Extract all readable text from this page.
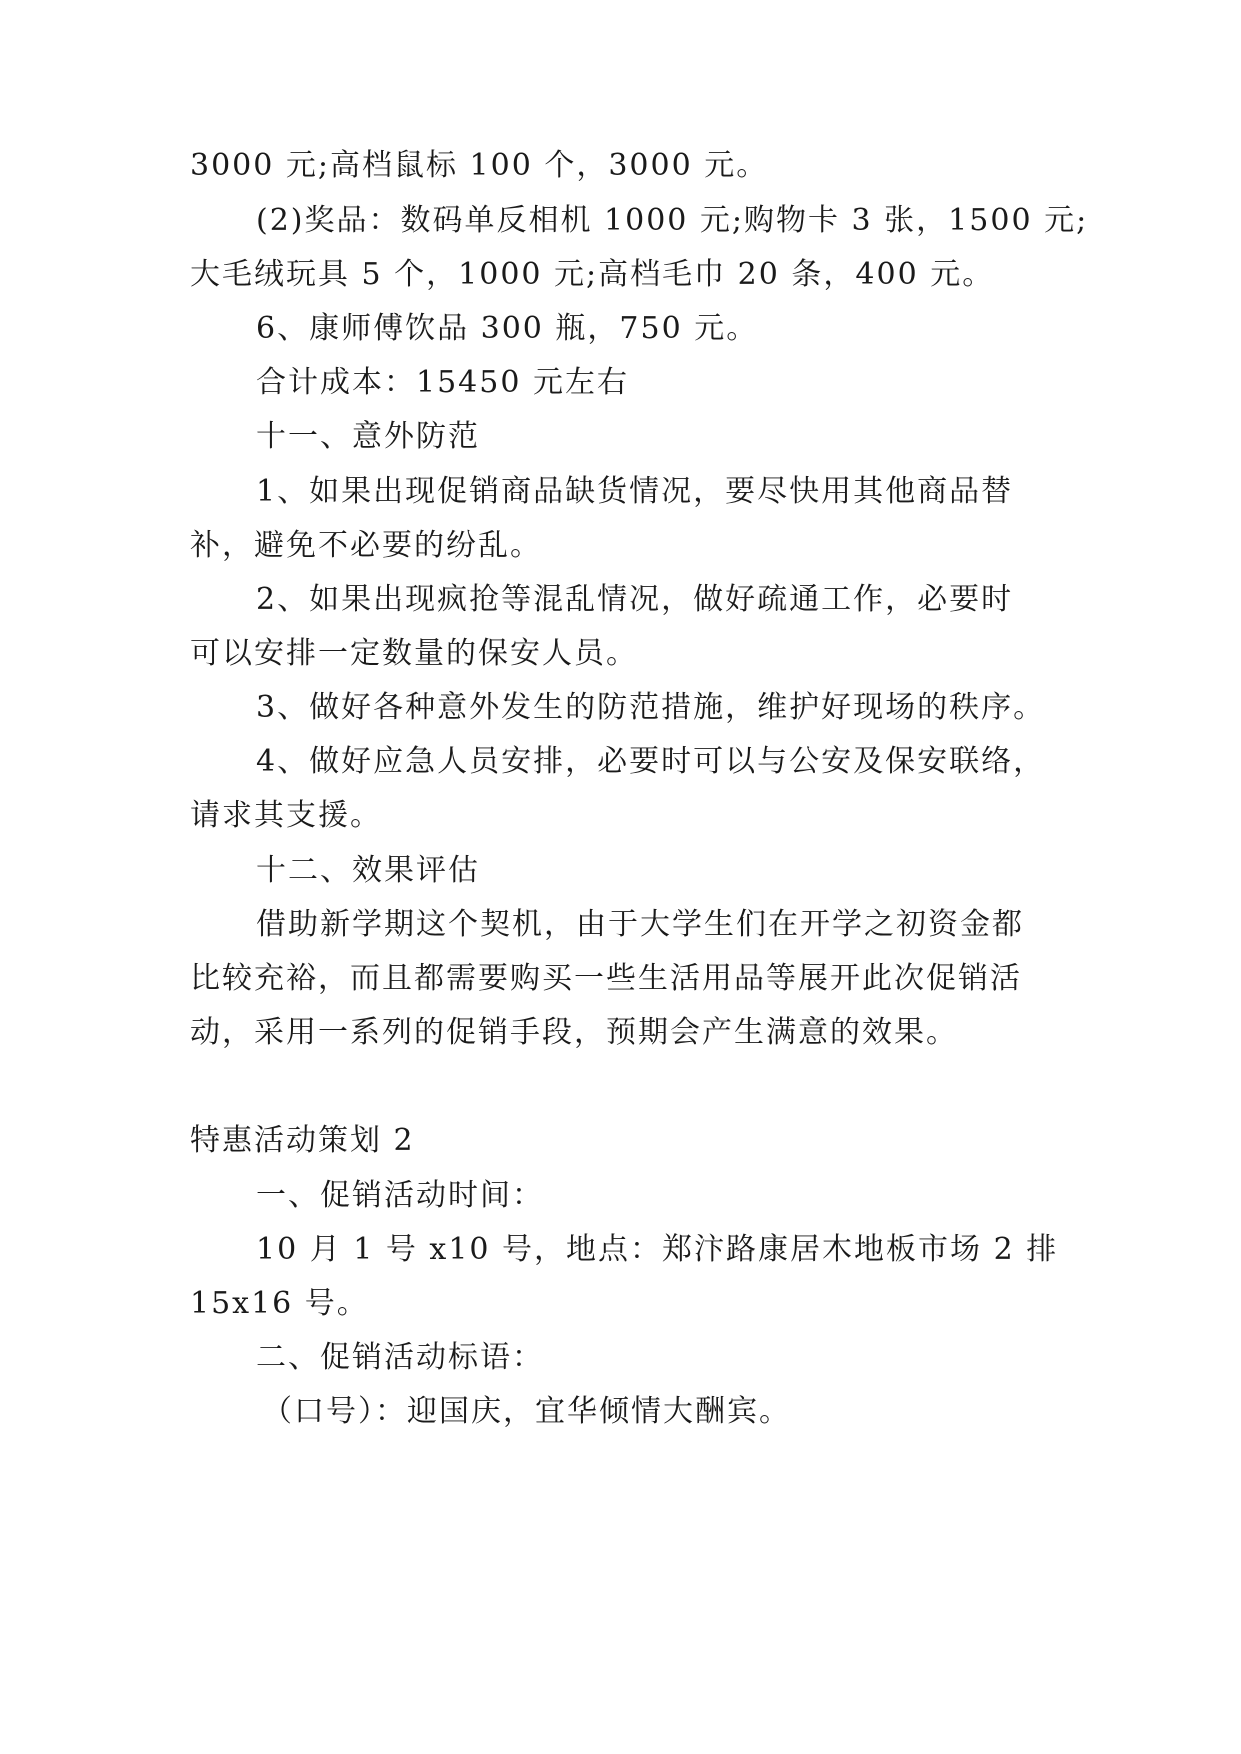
3000 元;高档鼠标 100 个，3000 元。
(2)奖品：数码单反相机 1000 元;购物卡 3 张，1500 元;
大毛绒玩具 5 个，1000 元;高档毛巾 20 条，400 元。
6、康师傅饮品 300 瓶，750 元。
合计成本：15450 元左右
十一、意外防范
1、如果出现促销商品缺货情况，要尽快用其他商品替
补，避免不必要的纷乱。
2、如果出现疯抢等混乱情况，做好疏通工作，必要时
可以安排一定数量的保安人员。
3、做好各种意外发生的防范措施，维护好现场的秩序。
4、做好应急人员安排，必要时可以与公安及保安联络，
请求其支援。
十二、效果评估
借助新学期这个契机，由于大学生们在开学之初资金都
比较充裕，而且都需要购买一些生活用品等展开此次促销活
动，采用一系列的促销手段，预期会产生满意的效果。
特惠活动策划 2
一、促销活动时间：
10 月 1 号 x10 号，地点：郑汴路康居木地板市场 2 排
15x16 号。
二、促销活动标语：
（口号）：迎国庆，宜华倾情大酬宾。
